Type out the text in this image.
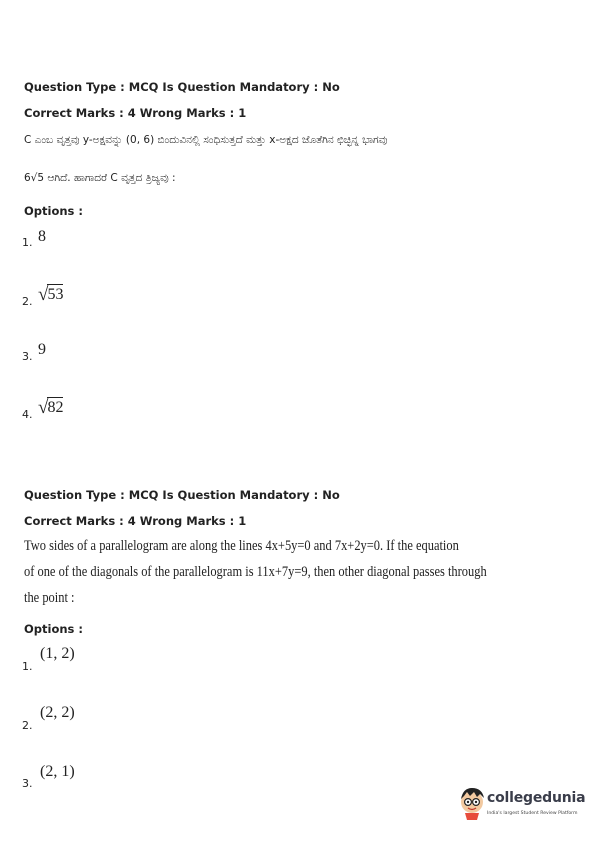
Question Type : MCQ Is Question Mandatory : No
Correct Marks : 4 Wrong Marks : 1
C ಎಂಬ ವೃತ್ತವು y-ಅಕ್ಷವನ್ನು (0, 6) ಬಿಂದುವಿನಲ್ಲಿ ಸಂಧಿಸುತ್ತದೆ ಮತ್ತು x-ಅಕ್ಷದ ಜೊತೆಗಿನ ಛಿಚ್ಛಿನ್ನ ಭಾಗವು
6√5 ಆಗಿದೆ. ಹಾಗಾದರೆ C ವೃತ್ತದ ತ್ರಿಜ್ಯವು :
Options :
1. 8
2. √53
3. 9
4. √82
Question Type : MCQ Is Question Mandatory : No
Correct Marks : 4 Wrong Marks : 1
Two sides of a parallelogram are along the lines 4x+5y=0 and 7x+2y=0. If the equation
of one of the diagonals of the parallelogram is 11x+7y=9, then other diagonal passes through
the point :
Options :
1.
(1, 2)
2.
(2, 2)
3.
(2, 1)
collegedunia
India's largest Student Review Platform
